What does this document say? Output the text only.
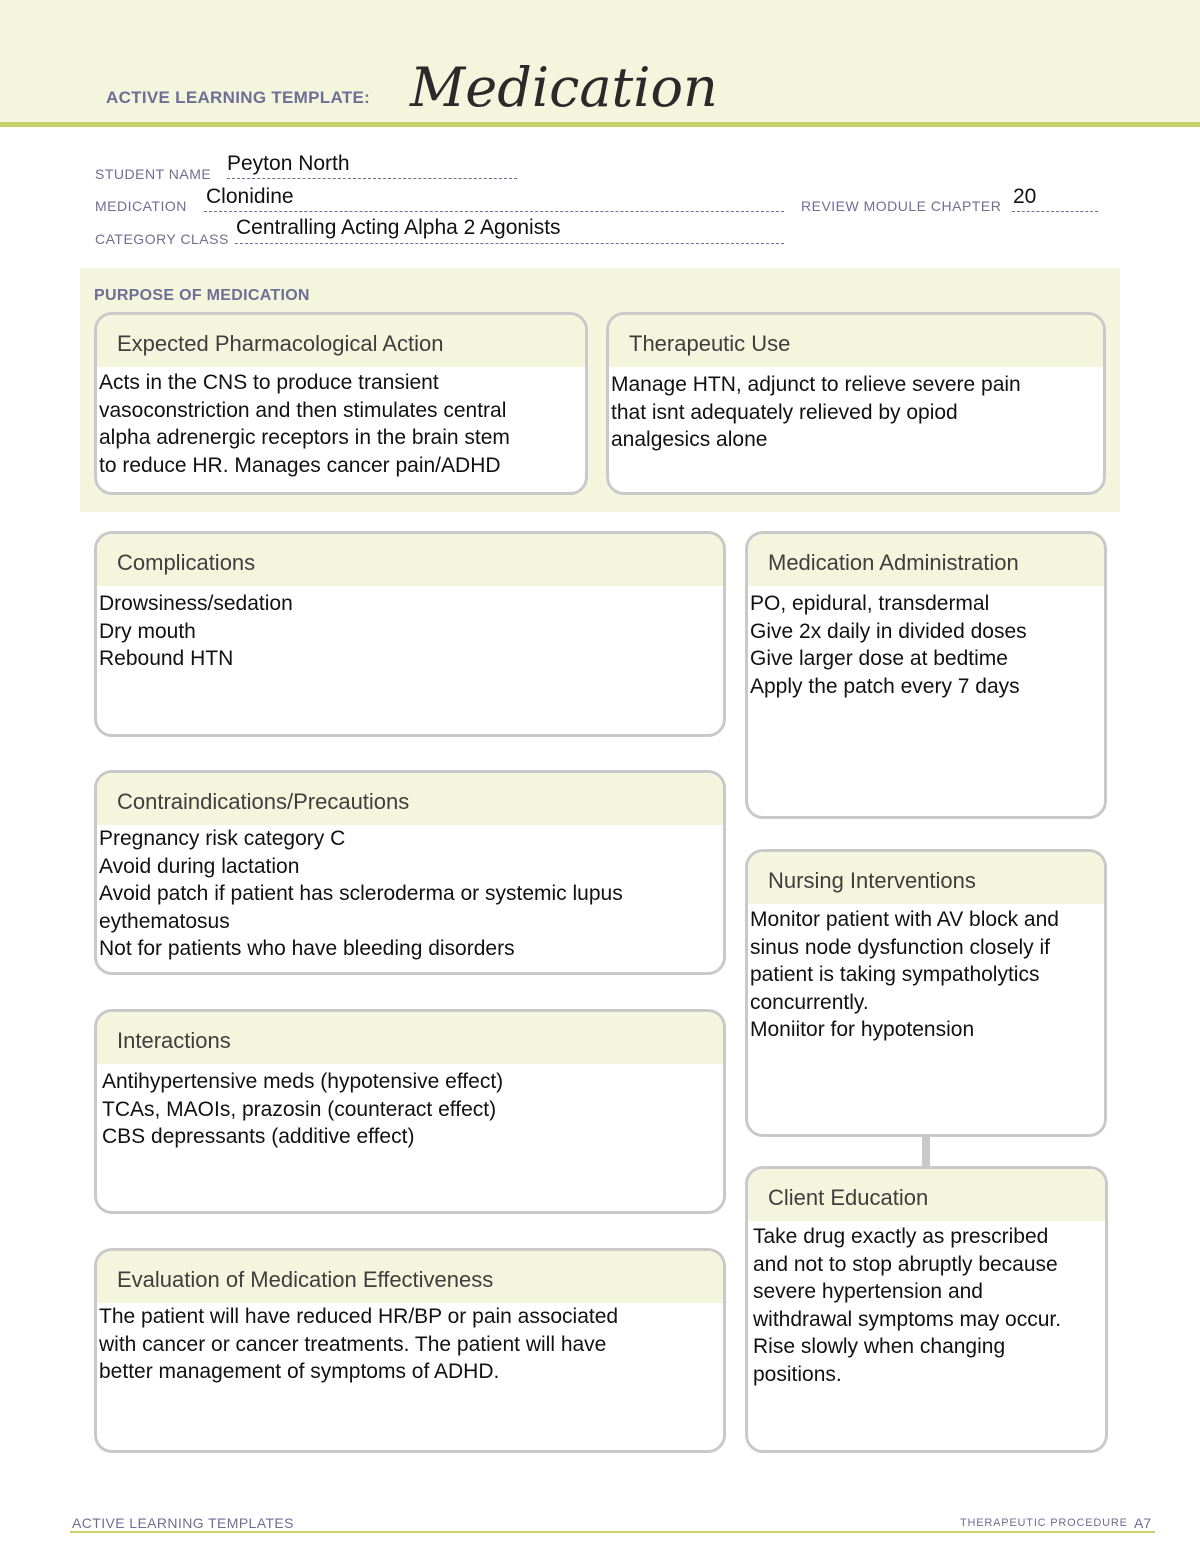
ACTIVE LEARNING TEMPLATE: Medication
STUDENT NAME Peyton North
MEDICATION Clonidine	REVIEW MODULE CHAPTER 20
CATEGORY CLASS Centralling Acting Alpha 2 Agonists
PURPOSE OF MEDICATION
Expected Pharmacological Action
Acts in the CNS to produce transient
vasoconstriction and then stimulates central
alpha adrenergic receptors in the brain stem
to reduce HR. Manages cancer pain/ADHD
Therapeutic Use
Manage HTN, adjunct to relieve severe pain
that isnt adequately relieved by opiod
analgesics alone
Complications
Drowsiness/sedation
Dry mouth
Rebound HTN
Medication Administration
PO, epidural, transdermal
Give 2x daily in divided doses
Give larger dose at bedtime
Apply the patch every 7 days
Contraindications/Precautions
Pregnancy risk category C
Avoid during lactation
Avoid patch if patient has scleroderma or systemic lupus
eythematosus
Not for patients who have bleeding disorders
Nursing Interventions
Monitor patient with AV block and
sinus node dysfunction closely if
patient is taking sympatholytics
concurrently.
Moniitor for hypotension
Interactions
Antihypertensive meds (hypotensive effect)
TCAs, MAOIs, prazosin (counteract effect)
CBS depressants (additive effect)
Client Education
Take drug exactly as prescribed
and not to stop abruptly because
severe hypertension and
withdrawal symptoms may occur.
Rise slowly when changing
positions.
Evaluation of Medication Effectiveness
The patient will have reduced HR/BP or pain associated
with cancer or cancer treatments. The patient will have
better management of symptoms of ADHD.
ACTIVE LEARNING TEMPLATES	THERAPEUTIC PROCEDURE A7
